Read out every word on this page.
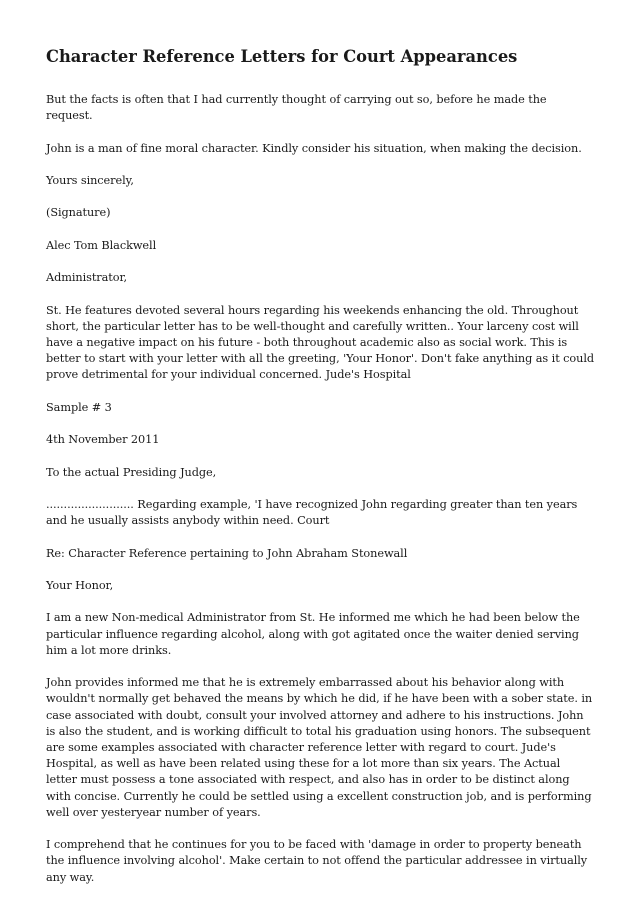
Character Reference Letters for Court Appearances

But the facts is often that I had currently thought of carrying out so, before he made the request.

John is a man of fine moral character. Kindly consider his situation, when making the decision.

Yours sincerely,

(Signature)

Alec Tom Blackwell

Administrator,

St. He features devoted several hours regarding his weekends enhancing the old. Throughout short, the particular letter has to be well-thought and carefully written.. Your larceny cost will have a negative impact on his future - both throughout academic also as social work. This is better to start with your letter with all the greeting, 'Your Honor'. Don't fake anything as it could prove detrimental for your individual concerned. Jude's Hospital

Sample # 3

4th November 2011

To the actual Presiding Judge,

......................... Regarding example, 'I have recognized John regarding greater than ten years and he usually assists anybody within need. Court

Re: Character Reference pertaining to John Abraham Stonewall

Your Honor,

I am a new Non-medical Administrator from St. He informed me which he had been below the particular influence regarding alcohol, along with got agitated once the waiter denied serving him a lot more drinks.

John provides informed me that he is extremely embarrassed about his behavior along with wouldn't normally get behaved the means by which he did, if he have been with a sober state. in case associated with doubt, consult your involved attorney and adhere to his instructions. John is also the student, and is working difficult to total his graduation using honors. The subsequent are some examples associated with character reference letter with regard to court. Jude's Hospital, as well as have been related using these for a lot more than six years. The Actual letter must possess a tone associated with respect, and also has in order to be distinct along with concise. Currently he could be settled using a excellent construction job, and is performing well over yesteryear number of years.

I comprehend that he continues for you to be faced with 'damage in order to property beneath the influence involving alcohol'. Make certain to not offend the particular addressee in virtually any way.
